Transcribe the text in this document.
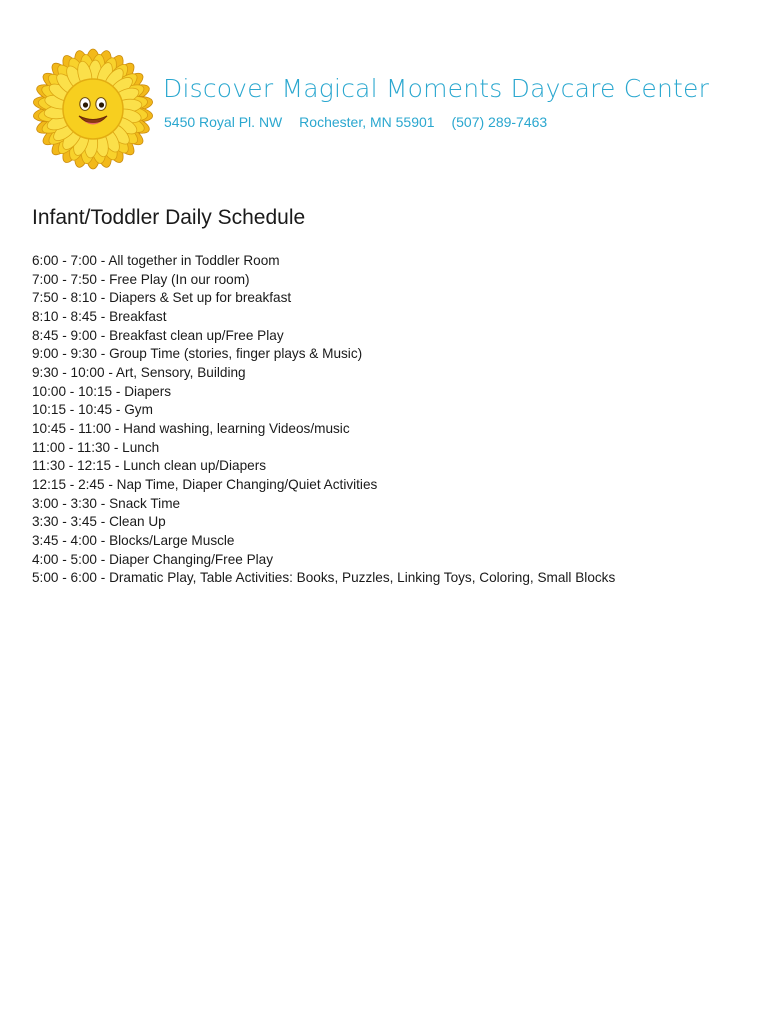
Discover Magical Moments Daycare Center
5450 Royal Pl. NW Rochester, MN 55901 (507) 289-7463
Infant/Toddler Daily Schedule
6:00 - 7:00 - All together in Toddler Room
7:00 - 7:50 - Free Play (In our room)
7:50 - 8:10 - Diapers & Set up for breakfast
8:10 - 8:45 - Breakfast
8:45 - 9:00 - Breakfast clean up/Free Play
9:00 - 9:30 - Group Time (stories, finger plays & Music)
9:30 - 10:00 - Art, Sensory, Building
10:00 - 10:15 - Diapers
10:15 - 10:45 - Gym
10:45 - 11:00 - Hand washing, learning Videos/music
11:00 - 11:30 - Lunch
11:30 - 12:15 - Lunch clean up/Diapers
12:15 - 2:45 - Nap Time, Diaper Changing/Quiet Activities
3:00 - 3:30 - Snack Time
3:30 - 3:45 - Clean Up
3:45 - 4:00 - Blocks/Large Muscle
4:00 - 5:00 - Diaper Changing/Free Play
5:00 - 6:00 - Dramatic Play, Table Activities: Books, Puzzles, Linking Toys, Coloring, Small Blocks
